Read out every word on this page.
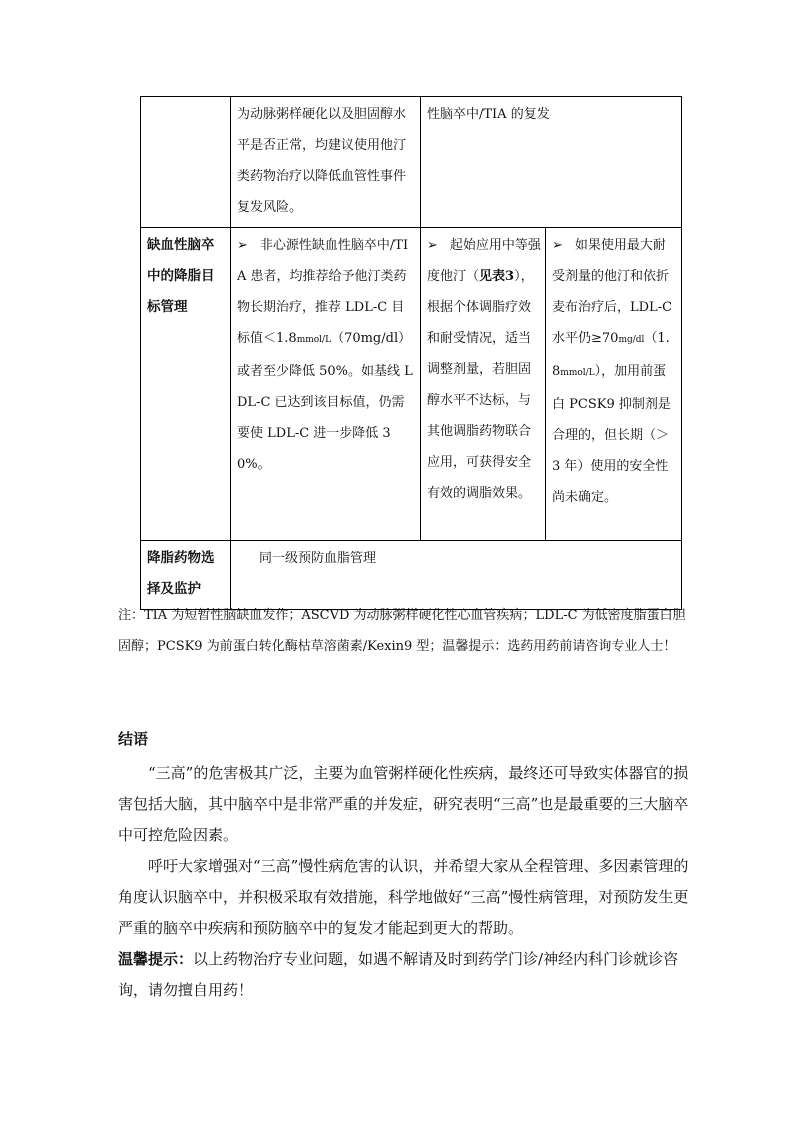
	为动脉粥样硬化以及胆固醇水平是否正常，均建议使用他汀类药物治疗以降低血管性事件复发风险。	性脑卒中/TIA 的复发	
缺血性脑卒中的降脂目标管理	➢ 非心源性缺血性脑卒中/TIA 患者，均推荐给予他汀类药物长期治疗，推荐 LDL-C 目标值＜1.8mmol/L（70mg/dl）或者至少降低 50%。如基线 LDL-C 已达到该目标值，仍需要使 LDL-C 进一步降低 30%。	➢ 起始应用中等强度他汀（见表3），根据个体调脂疗效和耐受情况，适当调整剂量，若胆固醇水平不达标，与其他调脂药物联合应用，可获得安全有效的调脂效果。	➢ 如果使用最大耐受剂量的他汀和依折麦布治疗后，LDL-C 水平仍≥70mg/dl（1.8mmol/L），加用前蛋白 PCSK9 抑制剂是合理的，但长期（＞3 年）使用的安全性尚未确定。
降脂药物选择及监护	同一级预防血脂管理		

注：TIA 为短暂性脑缺血发作；ASCVD 为动脉粥样硬化性心血管疾病；LDL-C 为低密度脂蛋白胆固醇；PCSK9 为前蛋白转化酶枯草溶菌素/Kexin9 型；温馨提示：选药用药前请咨询专业人士！

结语

“三高”的危害极其广泛，主要为血管粥样硬化性疾病，最终还可导致实体器官的损害包括大脑，其中脑卒中是非常严重的并发症，研究表明“三高”也是最重要的三大脑卒中可控危险因素。

呼吁大家增强对“三高”慢性病危害的认识，并希望大家从全程管理、多因素管理的角度认识脑卒中，并积极采取有效措施，科学地做好“三高”慢性病管理，对预防发生更严重的脑卒中疾病和预防脑卒中的复发才能起到更大的帮助。

温馨提示：以上药物治疗专业问题，如遇不解请及时到药学门诊/神经内科门诊就诊咨询，请勿擅自用药！
